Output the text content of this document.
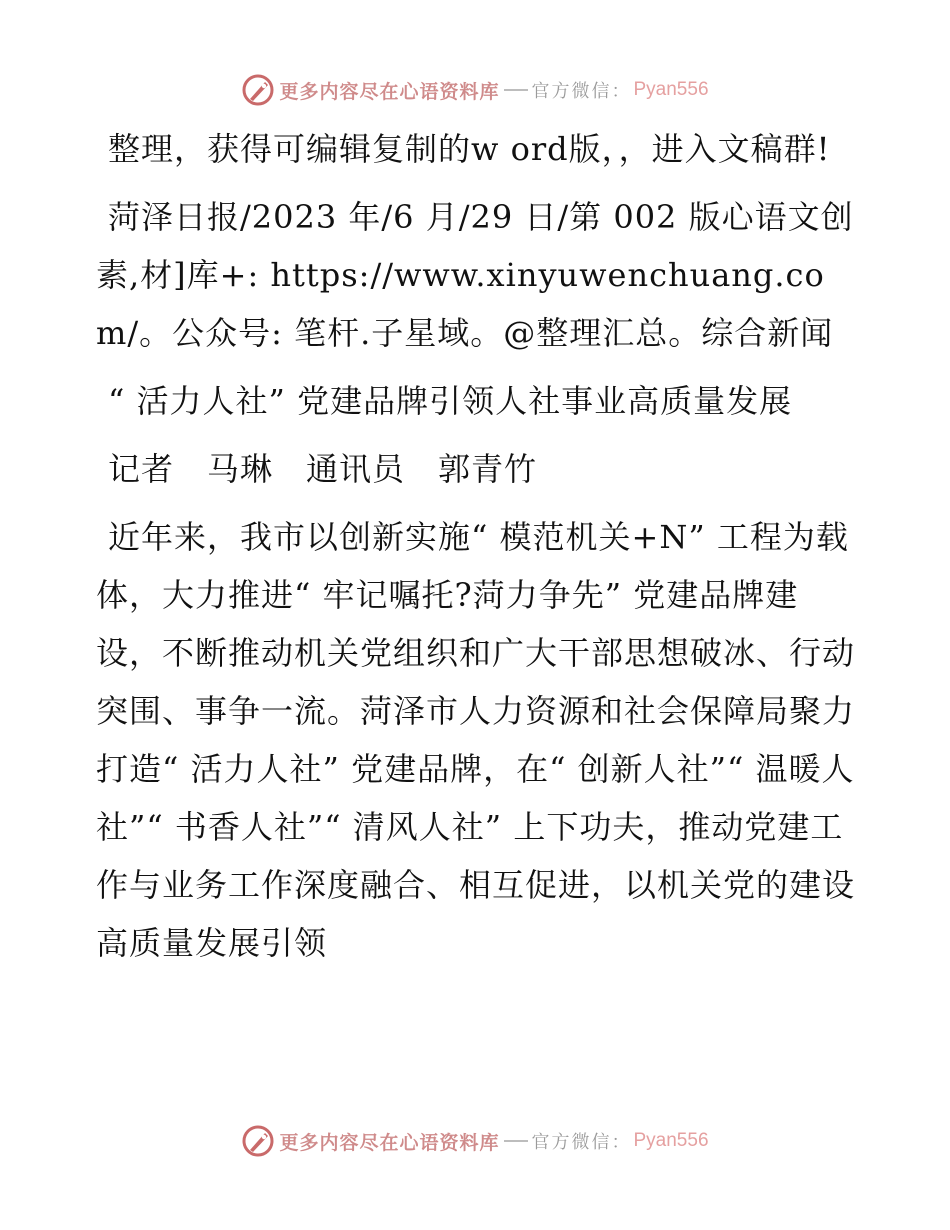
更多内容尽在心语资料库 官方微信： Pyan556

整理，获得可编辑复制的w ord版，，进入文稿群!

菏泽日报/2023 年/6 月/29 日/第 002 版心语文创素,材]库+: https://www.xinyuwenchuang.com/。公众号: 笔杆.子星域。@整理汇总。综合新闻

“ 活力人社” 党建品牌引领人社事业高质量发展

记者　马琳　通讯员　郭青竹

近年来，我市以创新实施“ 模范机关+N” 工程为载体，大力推进“ 牢记嘱托?菏力争先” 党建品牌建设，不断推动机关党组织和广大干部思想破冰、行动突围、事争一流。菏泽市人力资源和社会保障局聚力打造“ 活力人社” 党建品牌，在“ 创新人社”“ 温暖人社”“ 书香人社”“ 清风人社” 上下功夫，推动党建工作与业务工作深度融合、相互促进，以机关党的建设高质量发展引领

更多内容尽在心语资料库 官方微信： Pyan556
